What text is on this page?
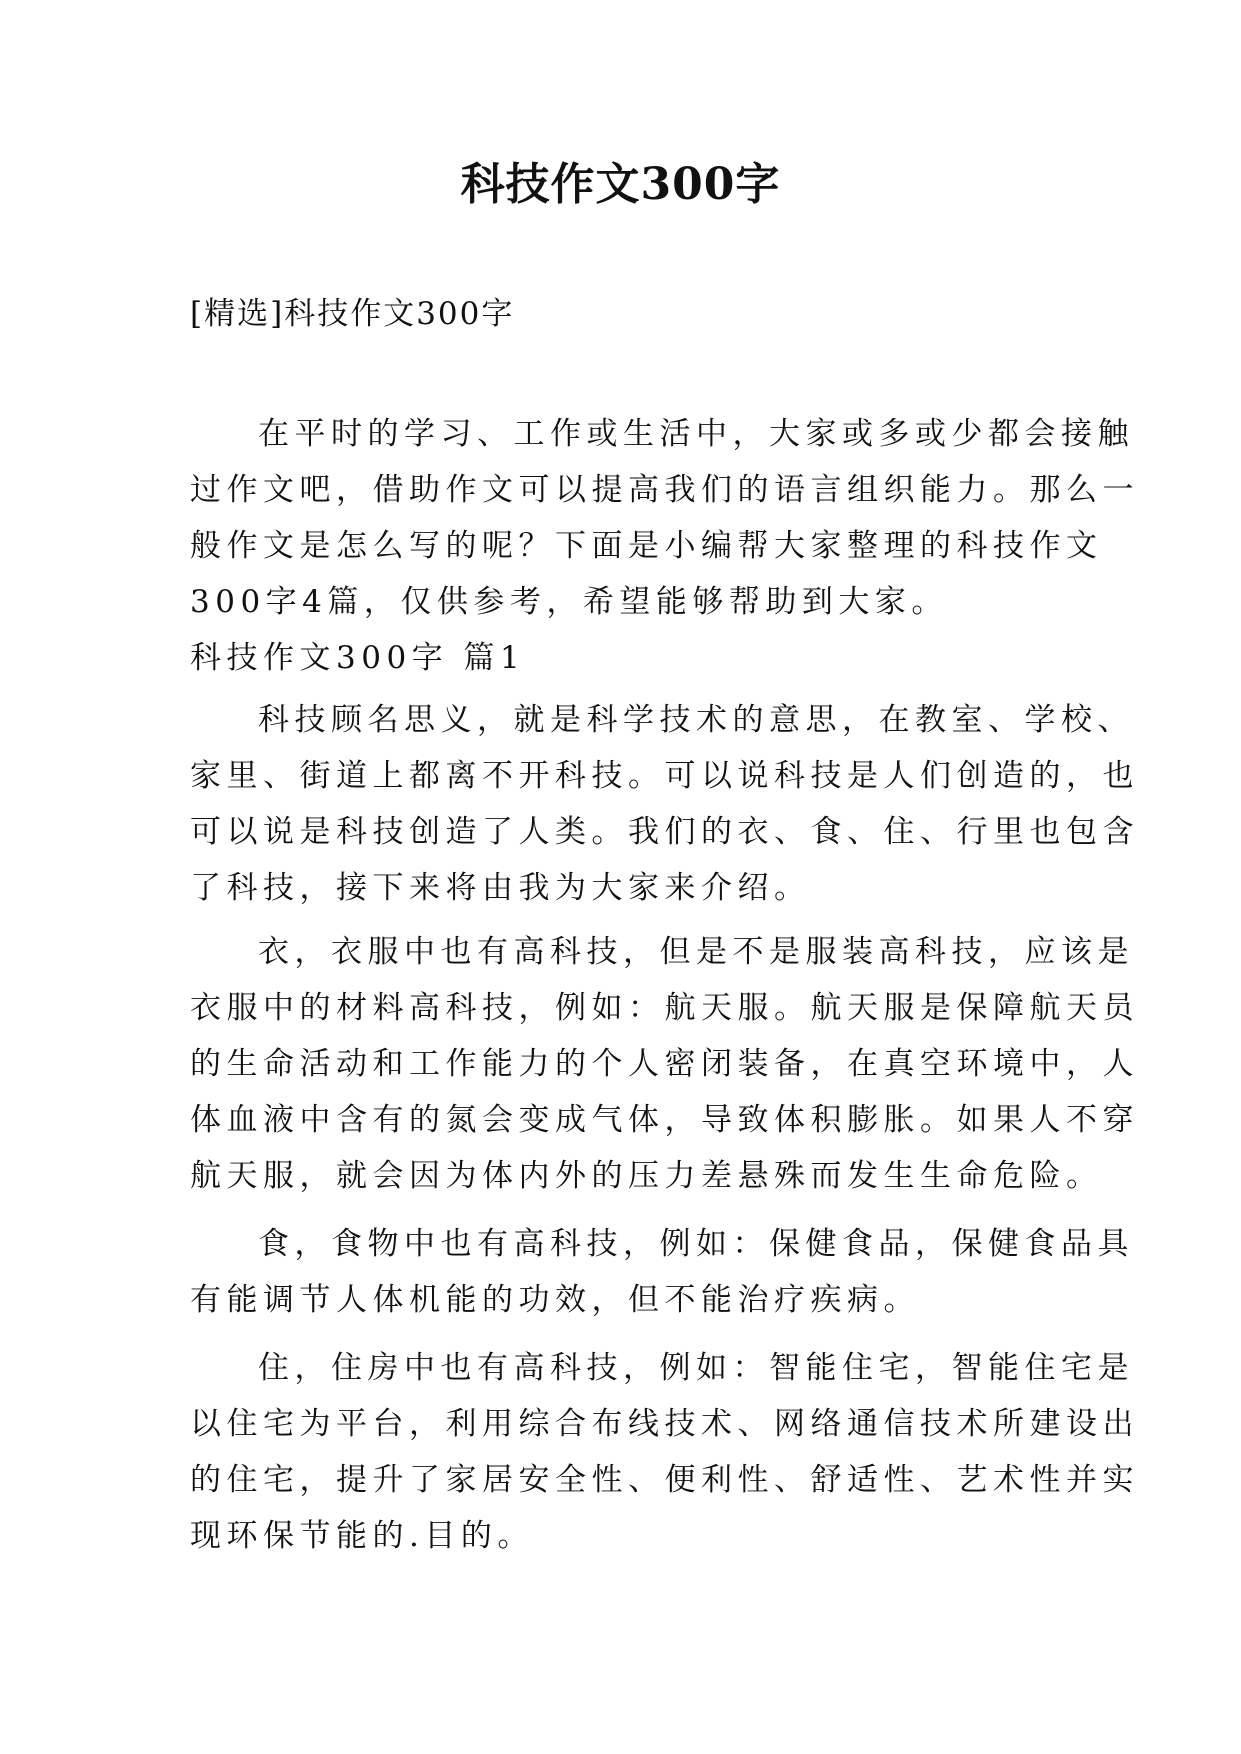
科技作文300字
[精选]科技作文300字
在平时的学习、工作或生活中，大家或多或少都会接触
过作文吧，借助作文可以提高我们的语言组织能力。那么一
般作文是怎么写的呢？下面是小编帮大家整理的科技作文
300字4篇，仅供参考，希望能够帮助到大家。
科技作文300字 篇1
科技顾名思义，就是科学技术的意思，在教室、学校、
家里、街道上都离不开科技。可以说科技是人们创造的，也
可以说是科技创造了人类。我们的衣、食、住、行里也包含
了科技，接下来将由我为大家来介绍。
衣，衣服中也有高科技，但是不是服装高科技，应该是
衣服中的材料高科技，例如：航天服。航天服是保障航天员
的生命活动和工作能力的个人密闭装备，在真空环境中，人
体血液中含有的氮会变成气体，导致体积膨胀。如果人不穿
航天服，就会因为体内外的压力差悬殊而发生生命危险。
食，食物中也有高科技，例如：保健食品，保健食品具
有能调节人体机能的功效，但不能治疗疾病。
住，住房中也有高科技，例如：智能住宅，智能住宅是
以住宅为平台，利用综合布线技术、网络通信技术所建设出
的住宅，提升了家居安全性、便利性、舒适性、艺术性并实
现环保节能的.目的。
